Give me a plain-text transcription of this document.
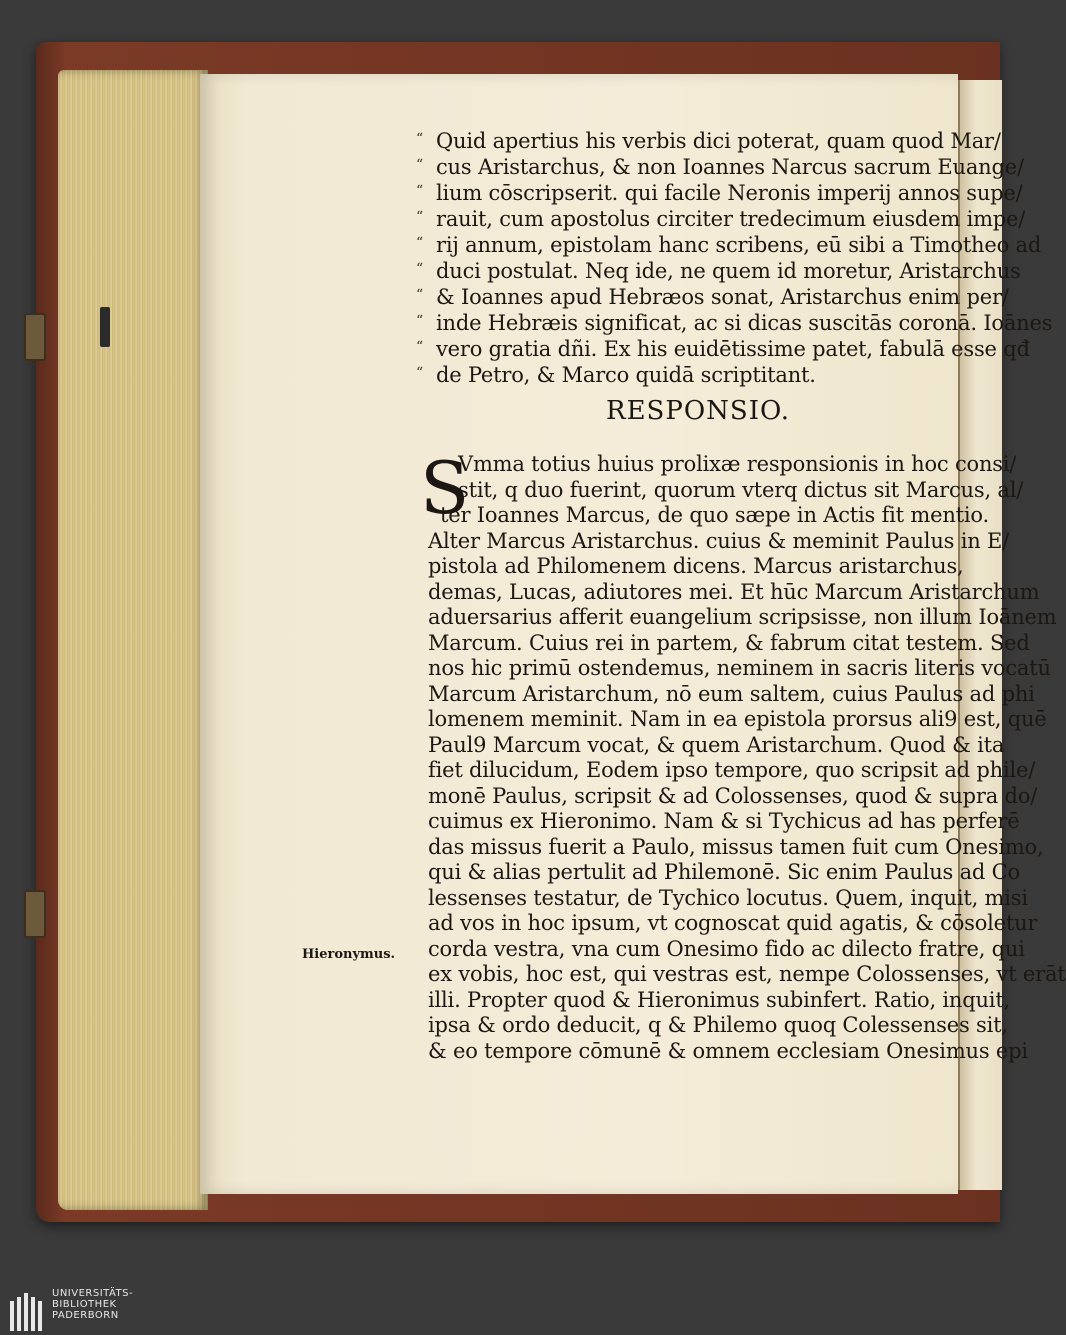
“ Quid apertius his verbis dici poterat, quam quod Mar/
“ cus Aristarchus, & non Ioannes Narcus sacrum Euange/
“ lium cōscripserit. qui facile Neronis imperij annos supe/
“ rauit, cum apostolus circiter tredecimum eiusdem impe/
“ rij annum, epistolam hanc scribens, eū sibi a Timotheo ad
“ duci postulat. Neq ide, ne quem id moretur, Aristarchus
“ & Ioannes apud Hebræos sonat, Aristarchus enim per/
“ inde Hebræis significat, ac si dicas suscitās coronā. Ioānes
“ vero gratia dñi. Ex his euidētissime patet, fabulā esse qđ
“ de Petro, & Marco quidā scriptitant.
RESPONSIO.
S
Vmma totius huius prolixæ responsionis in hoc consi/
stit, q duo fuerint, quorum vterq dictus sit Marcus, al/
ter Ioannes Marcus, de quo sæpe in Actis fit mentio.
Alter Marcus Aristarchus. cuius & meminit Paulus in E/
pistola ad Philomenem dicens. Marcus aristarchus,
demas, Lucas, adiutores mei. Et hūc Marcum Aristarchum
aduersarius afferit euangelium scripsisse, non illum Ioānem
Marcum. Cuius rei in partem, & fabrum citat testem. Sed
nos hic primū ostendemus, neminem in sacris literis vocatū
Marcum Aristarchum, nō eum saltem, cuius Paulus ad phi
lomenem meminit. Nam in ea epistola prorsus ali9 est, quē
Paul9 Marcum vocat, & quem Aristarchum. Quod & ita
fiet dilucidum, Eodem ipso tempore, quo scripsit ad phile/
monē Paulus, scripsit & ad Colossenses, quod & supra do/
cuimus ex Hieronimo. Nam & si Tychicus ad has perferē
das missus fuerit a Paulo, missus tamen fuit cum Onesimo,
qui & alias pertulit ad Philemonē. Sic enim Paulus ad Co
lessenses testatur, de Tychico locutus. Quem, inquit, misi
ad vos in hoc ipsum, vt cognoscat quid agatis, & cōsoletur
corda vestra, vna cum Onesimo fido ac dilecto fratre, qui
ex vobis, hoc est, qui vestras est, nempe Colossenses, vt erāt
illi. Propter quod & Hieronimus subinfert. Ratio, inquit,
ipsa & ordo deducit, q & Philemo quoq Colessenses sit,
& eo tempore cōmunē & omnem ecclesiam Onesimus epi

Hieronymus.

UNIVERSITÄTS-
BIBLIOTHEK
PADERBORN
